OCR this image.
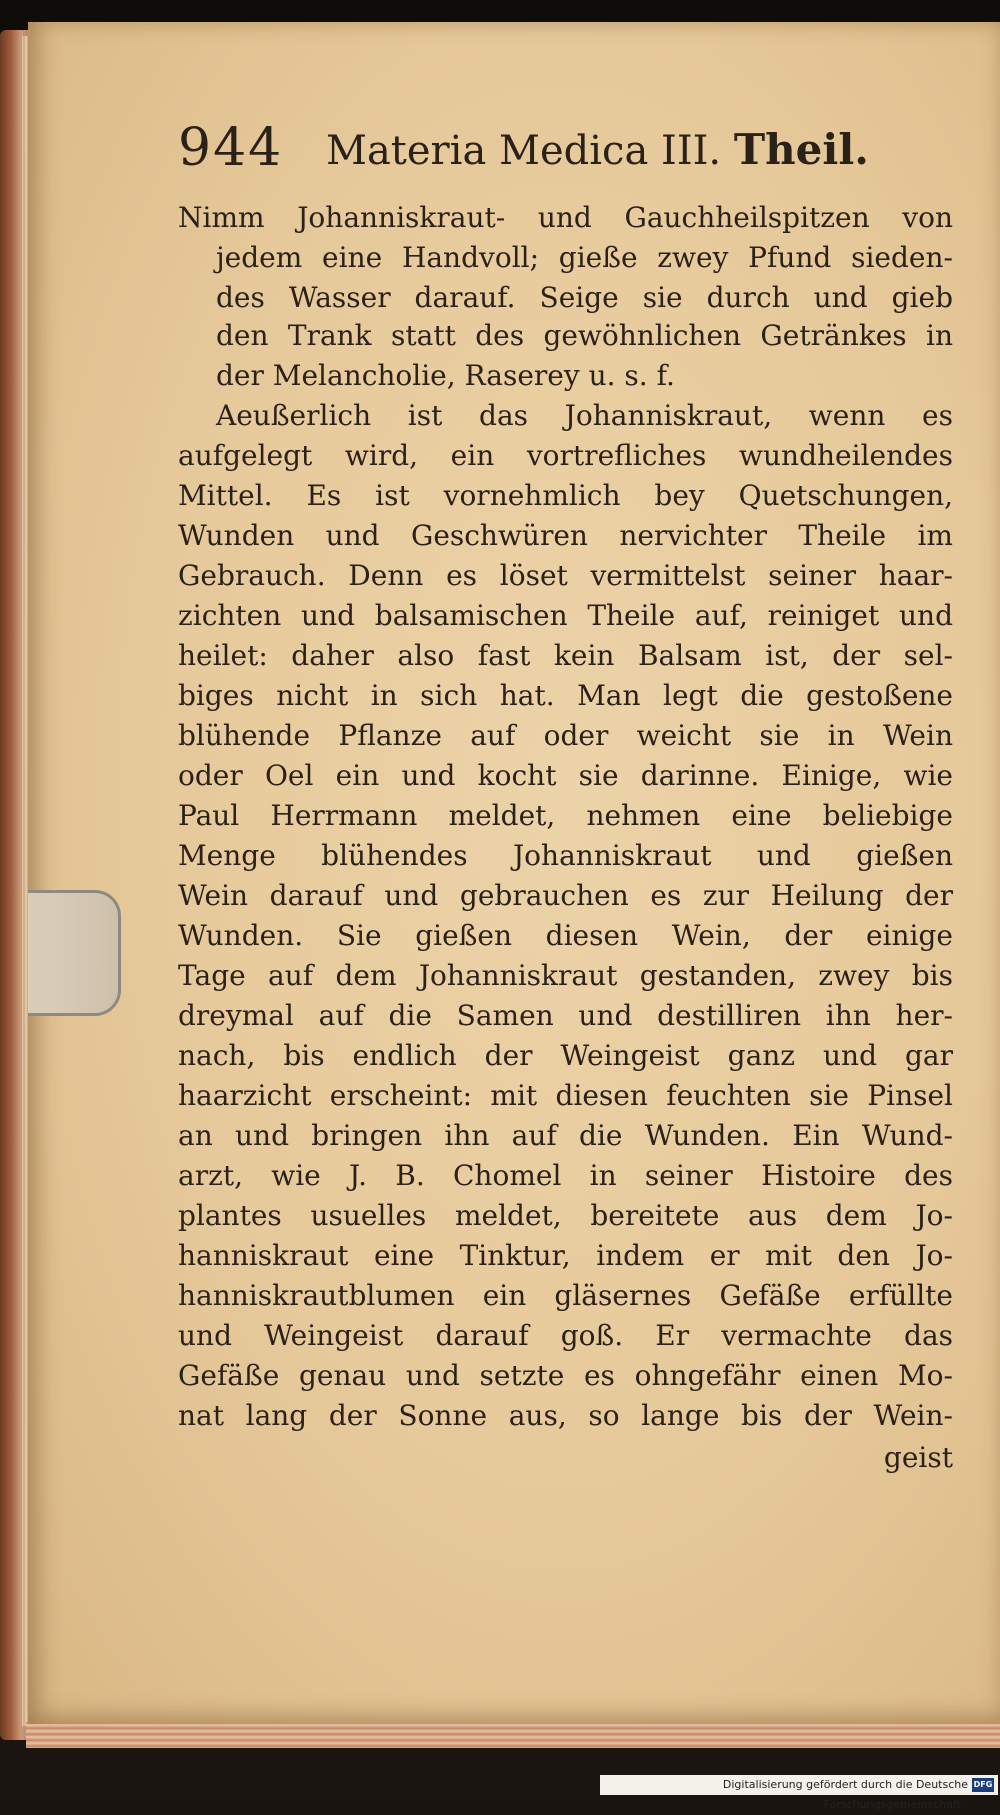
944 Materia Medica III. Theil.
Nimm Johanniskraut- und Gauchheilspitzen von
jedem eine Handvoll; gieße zwey Pfund sieden-
des Wasser darauf. Seige sie durch und gieb
den Trank statt des gewöhnlichen Getränkes in
der Melancholie, Raserey u. s. f.
Aeußerlich ist das Johanniskraut, wenn es
aufgelegt wird, ein vortrefliches wundheilendes
Mittel. Es ist vornehmlich bey Quetschungen,
Wunden und Geschwüren nervichter Theile im
Gebrauch. Denn es löset vermittelst seiner haar-
zichten und balsamischen Theile auf, reiniget und
heilet: daher also fast kein Balsam ist, der sel-
biges nicht in sich hat. Man legt die gestoßene
blühende Pflanze auf oder weicht sie in Wein
oder Oel ein und kocht sie darinne. Einige, wie
Paul Herrmann meldet, nehmen eine beliebige
Menge blühendes Johanniskraut und gießen
Wein darauf und gebrauchen es zur Heilung der
Wunden. Sie gießen diesen Wein, der einige
Tage auf dem Johanniskraut gestanden, zwey bis
dreymal auf die Samen und destilliren ihn her-
nach, bis endlich der Weingeist ganz und gar
haarzicht erscheint: mit diesen feuchten sie Pinsel
an und bringen ihn auf die Wunden. Ein Wund-
arzt, wie J. B. Chomel in seiner Histoire des
plantes usuelles meldet, bereitete aus dem Jo-
hanniskraut eine Tinktur, indem er mit den Jo-
hanniskrautblumen ein gläsernes Gefäße erfüllte
und Weingeist darauf goß. Er vermachte das
Gefäße genau und setzte es ohngefähr einen Mo-
nat lang der Sonne aus, so lange bis der Wein-
geist
Digitalisierung gefördert durch die Deutsche Forschungsgemeinschaft ·
DFG
